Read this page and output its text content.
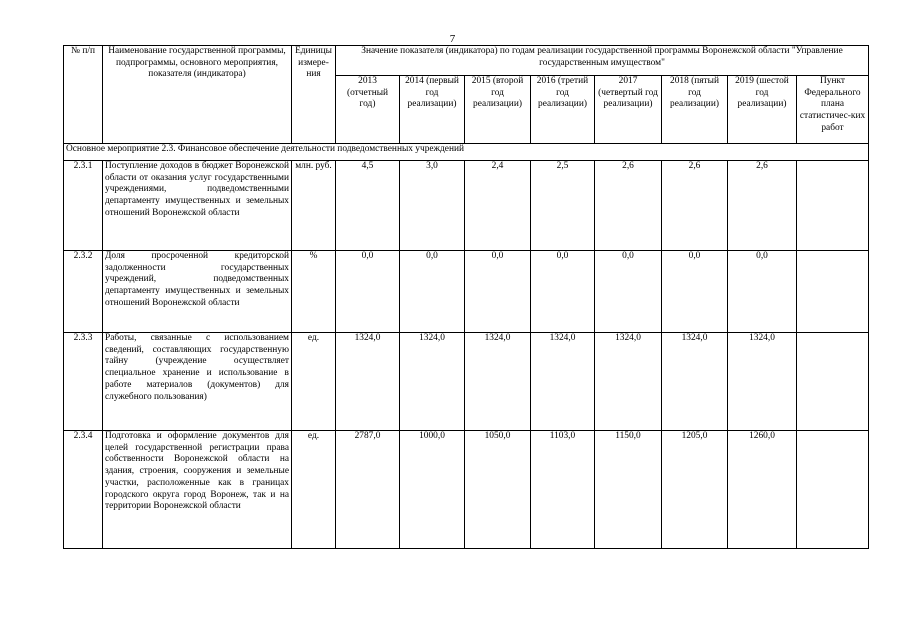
7
№ п/п	Наименование государственной программы, подпрограммы, основного мероприятия, показателя (индикатора)	Единицы измере-ния	Значение показателя (индикатора) по годам реализации государственной программы Воронежской области "Управление государственным имуществом"							
			2013 (отчетный год)	2014 (первый год реализации)	2015 (второй год реализации)	2016 (третий год реализации)	2017 (четвертый год реализации)	2018 (пятый год реализации)	2019 (шестой год реализации)	Пункт Федерального плана статистичес-ких работ
Основное мероприятие 2.3. Финансовое обеспечение деятельности подведомственных учреждений										
2.3.1	Поступление доходов в бюджет Воронежской области от оказания услуг государственными учреждениями, подведомственными департаменту имущественных и земельных отношений Воронежской области	млн. руб.	4,5	3,0	2,4	2,5	2,6	2,6	2,6	
2.3.2	Доля просроченной кредиторской задолженности государственных учреждений, подведомственных департаменту имущественных и земельных отношений Воронежской области	%	0,0	0,0	0,0	0,0	0,0	0,0	0,0	
2.3.3	Работы, связанные с использованием сведений, составляющих государственную тайну (учреждение осуществляет специальное хранение и использование в работе материалов (документов) для служебного пользования)	ед.	1324,0	1324,0	1324,0	1324,0	1324,0	1324,0	1324,0	
2.3.4	Подготовка и оформление документов для целей государственной регистрации права собственности Воронежской области на здания, строения, сооружения и земельные участки, расположенные как в границах городского округа город Воронеж, так и на территории Воронежской области	ед.	2787,0	1000,0	1050,0	1103,0	1150,0	1205,0	1260,0	
